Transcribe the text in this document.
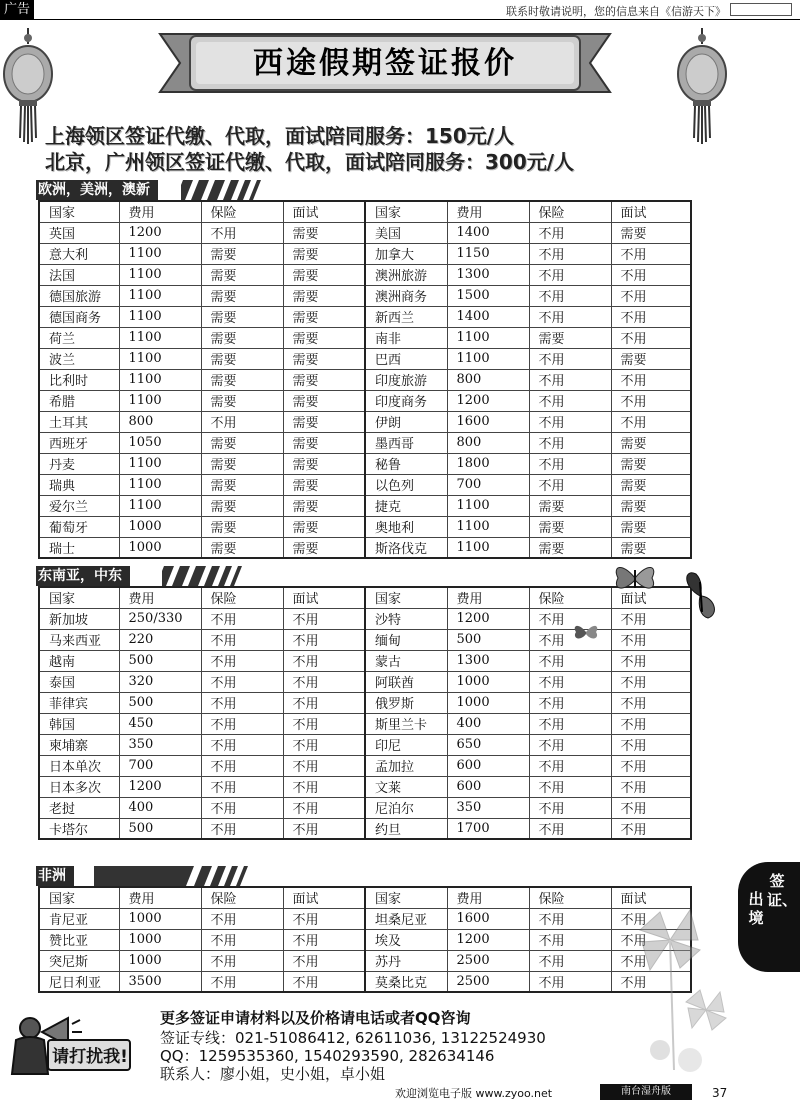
广告	联系时敬请说明，您的信息来自《信游天下》
西途假期签证报价
上海领区签证代缴、代取，面试陪同服务：150元/人
北京，广州领区签证代缴、代取，面试陪同服务：300元/人
欧洲，美洲，澳新
国家	费用	保险	面试	国家	费用	保险	面试
英国	1200	不用	需要	美国	1400	不用	需要
意大利	1100	需要	需要	加拿大	1150	不用	不用
法国	1100	需要	需要	澳洲旅游	1300	不用	不用
德国旅游	1100	需要	需要	澳洲商务	1500	不用	不用
德国商务	1100	需要	需要	新西兰	1400	不用	不用
荷兰	1100	需要	需要	南非	1100	需要	不用
波兰	1100	需要	需要	巴西	1100	不用	需要
比利时	1100	需要	需要	印度旅游	800	不用	不用
希腊	1100	需要	需要	印度商务	1200	不用	不用
土耳其	800	不用	需要	伊朗	1600	不用	不用
西班牙	1050	需要	需要	墨西哥	800	不用	需要
丹麦	1100	需要	需要	秘鲁	1800	不用	需要
瑞典	1100	需要	需要	以色列	700	不用	需要
爱尔兰	1100	需要	需要	捷克	1100	需要	需要
葡萄牙	1000	需要	需要	奥地利	1100	需要	需要
瑞士	1000	需要	需要	斯洛伐克	1100	需要	需要
东南亚，中东
国家	费用	保险	面试	国家	费用	保险	面试
新加坡	250/330	不用	不用	沙特	1200	不用	不用
马来西亚	220	不用	不用	缅甸	500	不用	不用
越南	500	不用	不用	蒙古	1300	不用	不用
泰国	320	不用	不用	阿联酋	1000	不用	不用
菲律宾	500	不用	不用	俄罗斯	1000	不用	不用
韩国	450	不用	不用	斯里兰卡	400	不用	不用
柬埔寨	350	不用	不用	印尼	650	不用	不用
日本单次	700	不用	不用	孟加拉	600	不用	不用
日本多次	1200	不用	不用	文莱	600	不用	不用
老挝	400	不用	不用	尼泊尔	350	不用	不用
卡塔尔	500	不用	不用	约旦	1700	不用	不用
非洲
国家	费用	保险	面试	国家	费用	保险	面试
肯尼亚	1000	不用	不用	坦桑尼亚	1600	不用	不用
赞比亚	1000	不用	不用	埃及	1200	不用	不用
突尼斯	1000	不用	不用	苏丹	2500	不用	不用
尼日利亚	3500	不用	不用	莫桑比克	2500	不用	不用
签证、
出境
请打扰我!
更多签证申请材料以及价格请电话或者QQ咨询
签证专线：021-51086412, 62611036, 13122524930
QQ：1259535360, 1540293590, 282634146
联系人：廖小姐，史小姐，卓小姐
欢迎浏览电子版 www.zyoo.net	南台湿舟版	37
